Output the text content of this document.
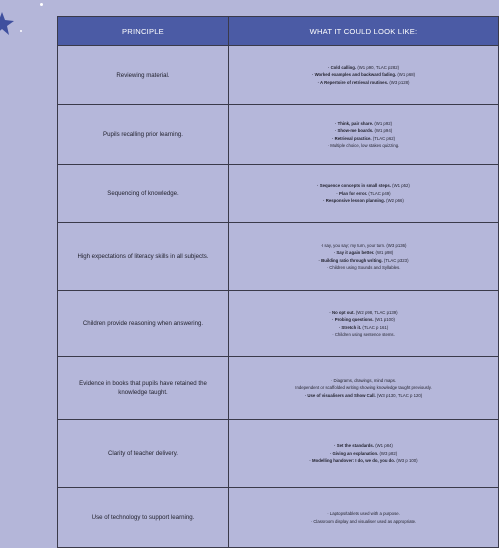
PRINCIPLE	WHAT IT COULD LOOK LIKE:
Reviewing material.	· Cold calling. (W1 p90, TLAC p282)
· Worked examples and backward fading. (W1 p68)
· A Repertoire of retrieval routines. (W3 p128)

Pupils recalling prior learning.	· Think, pair share. (W1 p92)
· Show-me boards. (W1 p94)
· Retrieval practice. (TLAC p62)
· Multiple choice, low stakes quizzing.

Sequencing of knowledge.	· Sequence concepts in small steps. (W1 p52)
· Plan for error. (TLAC p49)
· Responsive lesson planning. (W2 p66)

High expectations of literacy skills in all subjects.	·I say, you say; my turn, your turn. (W3 p136)
· Say it again better. (W1 p98)
· Building ratio through writing. (TLAC p323)
· Children using Sounds and Syllables.

Children provide reasoning when answering.	· No opt out. (W2 p98, TLAC p139)
· Probing questions. (W1 p100)
· Stretch it. (TLAC p 161)
· Children using sentence stems.

Evidence in books that pupils have retained the knowledge taught.	· Diagrams, drawings, mind maps.
Independent or scaffolded writing showing knowledge taught previously.
· Use of visualisers and Show Call. (W3 p130, TLAC p 120)

Clarity of teacher delivery.	· Set the standards. (W1 p84)
· Giving an explanation. (W3 p82)
· Modelling handover: I do, we do, you do. (W3 p 100)

Use of technology to support learning.	· Laptops/tablets used with a purpose.
· Classroom display and visualiser used as appropriate.
